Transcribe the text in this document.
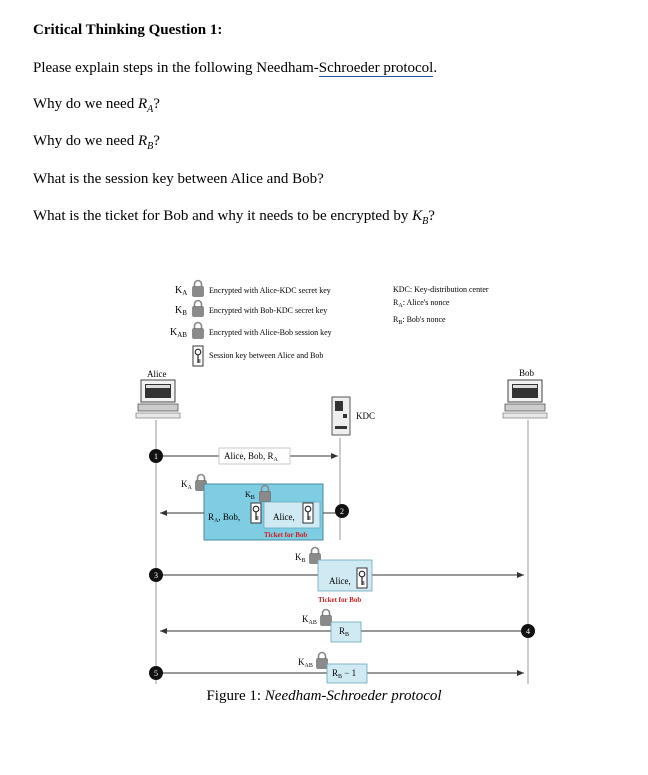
Critical Thinking Question 1:
Please explain steps in the following Needham-Schroeder protocol.
Why do we need $R_A$?
Why do we need $R_B$?
What is the session key between Alice and Bob?
What is the ticket for Bob and why it needs to be encrypted by $K_B$?
$K_A$	Encrypted with Alice-KDC secret key
$K_B$	Encrypted with Bob-KDC secret key
$K_{AB}$	Encrypted with Alice-Bob session key
Session key between Alice and Bob
KDC: Key-distribution center
$R_A$: Alice's nonce
$R_B$: Bob's nonce
Alice	Bob
KDC
1	Alice, Bob, $R_A$
$K_A$
$K_B$
$R_A$, Bob,	Alice,
Ticket for Bob
2
$K_B$
3
Alice,
Ticket for Bob
$K_{AB}$
$R_B$	4
$K_{AB}$
5	$R_B - 1$
Figure 1: Needham-Schroeder protocol
